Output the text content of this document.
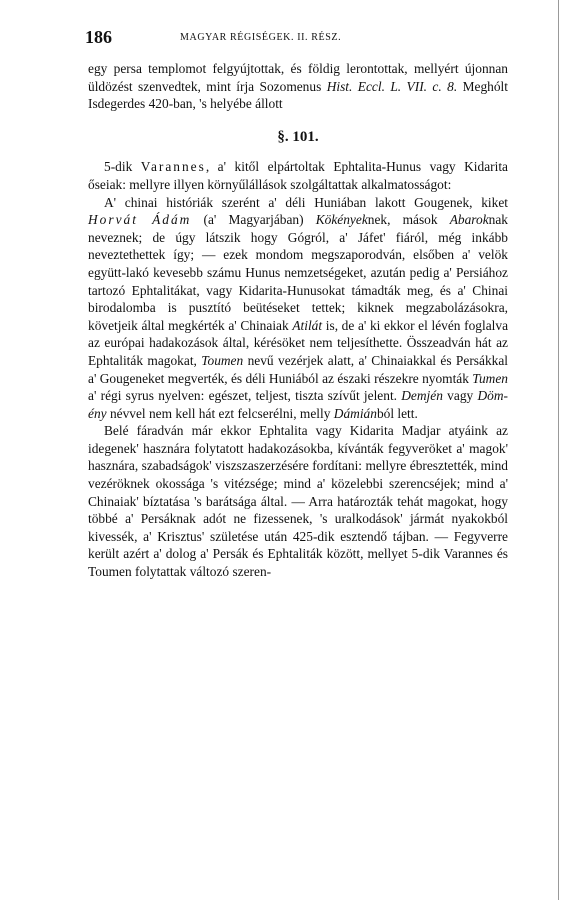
186	MAGYAR RÉGISÉGEK. II. RÉSZ.

egy persa templomot felgyújtottak, és földig lerontottak, mellyért újonnan üldözést szenvedtek, mint írja Sozomenus Hist. Eccl. L. VII. c. 8. Meghólt Isdegerdes 420-ban, 's helyébe állott

§. 101.

5-dik Varannes, a' kitől elpártoltak Ephtalita-Hunus vagy Kidarita őseiak: mellyre illyen környűlállások szolgáltattak alkalmatosságot:

A' chinai históriák szerént a' déli Huniában lakott Gougenek, kiket Horvát Ádám (a' Magyarjában) Kökényeknek, mások Abaroknak neveznek; de úgy látszik hogy Gógról, a' Jáfet' fiáról, még inkább neveztethettek így; — ezek mondom megszaporodván, elsőben a' velök együtt-lakó kevesebb számu Hunus nemzetségeket, azután pedig a' Persiához tartozó Ephtalitákat, vagy Kidarita-Hunusokat támadták meg, és a' Chinai birodalomba is pusztító beütéseket tettek; kiknek megzabolázásokra, követjeik által megkérték a' Chinaiak Atilát is, de a' ki ekkor el lévén foglalva az európai hadakozások által, kérésöket nem teljesíthette. Összeadván hát az Ephtaliták magokat, Toumen nevű vezérjek alatt, a' Chinaiakkal és Persákkal a' Gougeneket megverték, és déli Huniából az északi részekre nyomták Tumen a' régi syrus nyelven: egészet, teljest, tiszta szívűt jelent. Demjén vagy Dömény névvel nem kell hát ezt felcserélni, melly Dámiánból lett.

Belé fáradván már ekkor Ephtalita vagy Kidarita Madjar atyáink az idegenek' hasznára folytatott hadakozásokba, kívánták fegyveröket a' magok' hasznára, szabadságok' viszszaszerzésére fordítani: mellyre ébresztették, mind vezéröknek okossága 's vitézsége; mind a' közelebbi szerencséjek; mind a' Chinaiak' bíztatása 's barátsága által. — Arra határozták tehát magokat, hogy többé a' Persáknak adót ne fizessenek, 's uralkodások' jármát nyakokból kivessék, a' Krisztus' születése után 425-dik esztendő tájban. — Fegyverre került azért a' dolog a' Persák és Ephtaliták között, mellyet 5-dik Varannes és Toumen folytattak változó szeren-
